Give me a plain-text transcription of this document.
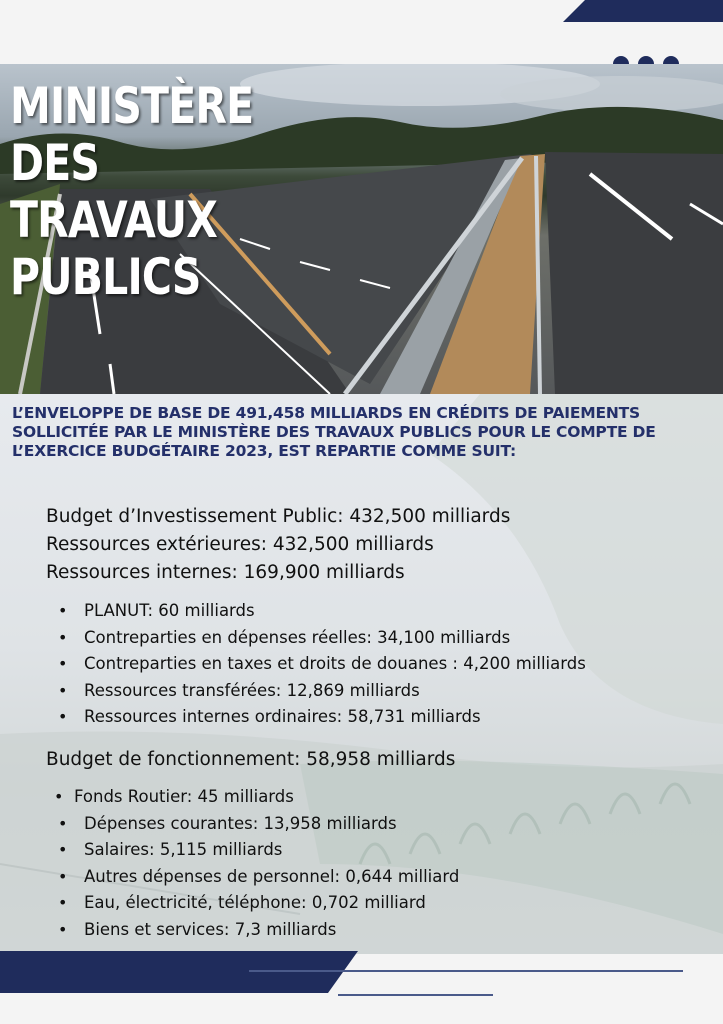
MINISTÈRE DES
TRAVAUX
PUBLICS

L’ENVELOPPE DE BASE DE 491,458 MILLIARDS EN CRÉDITS DE PAIEMENTS SOLLICITÉE PAR LE MINISTÈRE DES TRAVAUX PUBLICS POUR LE COMPTE DE L’EXERCICE BUDGÉTAIRE 2023, EST REPARTIE COMME SUIT:

Budget d’Investissement Public: 432,500 milliards
Ressources extérieures: 432,500 milliards
Ressources internes: 169,900 milliards
• PLANUT: 60 milliards
• Contreparties en dépenses réelles: 34,100 milliards
• Contreparties en taxes et droits de douanes : 4,200 milliards
• Ressources transférées: 12,869 milliards
• Ressources internes ordinaires: 58,731 milliards
Budget de fonctionnement: 58,958 milliards
• Fonds Routier: 45 milliards
• Dépenses courantes: 13,958 milliards
• Salaires: 5,115 milliards
• Autres dépenses de personnel: 0,644 milliard
• Eau, électricité, téléphone: 0,702 milliard
• Biens et services: 7,3 milliards
